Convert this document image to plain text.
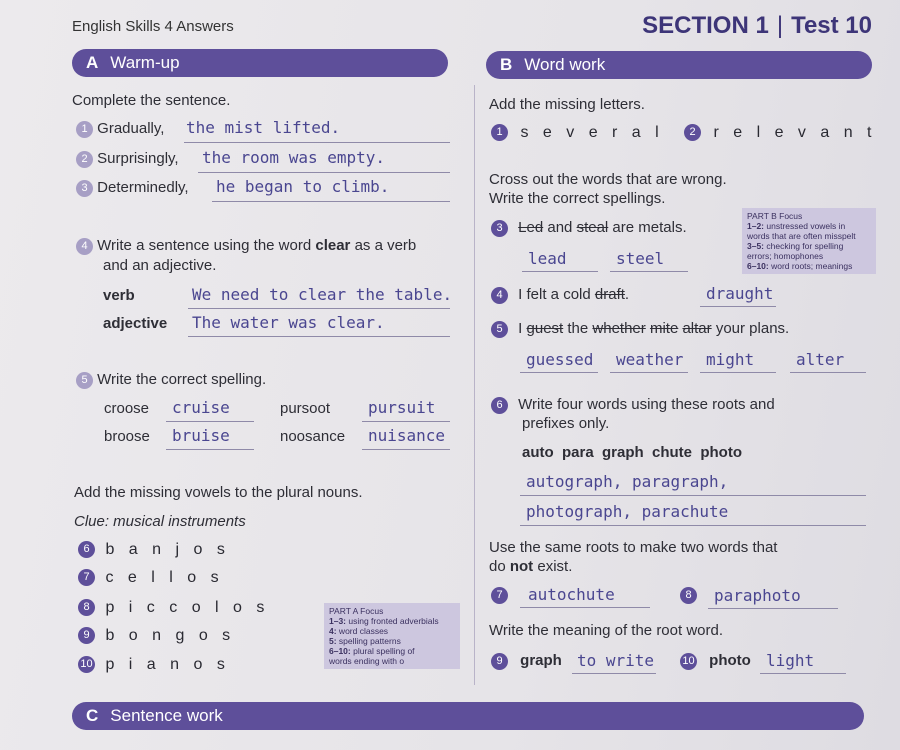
English Skills 4 Answers	SECTION 1 | Test 10
A Warm-up	B Word work
C Sentence work
Complete the sentence.
1 Gradually, the mist lifted.
2 Surprisingly, the room was empty.
3 Determinedly, he began to climb.
4 Write a sentence using the word clear as a verb
and an adjective.
verb	We need to clear the table.
adjective The water was clear.
5 Write the correct spelling.
croose cruise	pursoot pursuit
broose bruise	noosance nuisance
Add the missing vowels to the plural nouns.
Clue: musical instruments
6 b a n j o s
7 c e l l o s
8 p i c c o l o s
9 b o n g o s
10 p i a n o s
PART A Focus
1–3: using fronted adverbials
4: word classes
5: spelling patterns
6–10: plural spelling of
words ending with o
Add the missing letters.
1 s e v e r a l	2 r e l e v a n t
Cross out the words that are wrong.
Write the correct spellings.
3 Led and steal are metals.
lead	steel
PART B Focus
1–2: unstressed vowels in
words that are often misspelt
3–5: checking for spelling
errors; homophones
6–10: word roots; meanings
4 I felt a cold draft.	draught
5 I guest the whether mite altar your plans.
guessed weather might	alter
6 Write four words using these roots and
prefixes only.
auto  para  graph  chute  photo
autograph, paragraph,
photograph, parachute
Use the same roots to make two words that
do not exist.
7	autochute	8	paraphoto
Write the meaning of the root word.
9 graph to write	10 photo light
